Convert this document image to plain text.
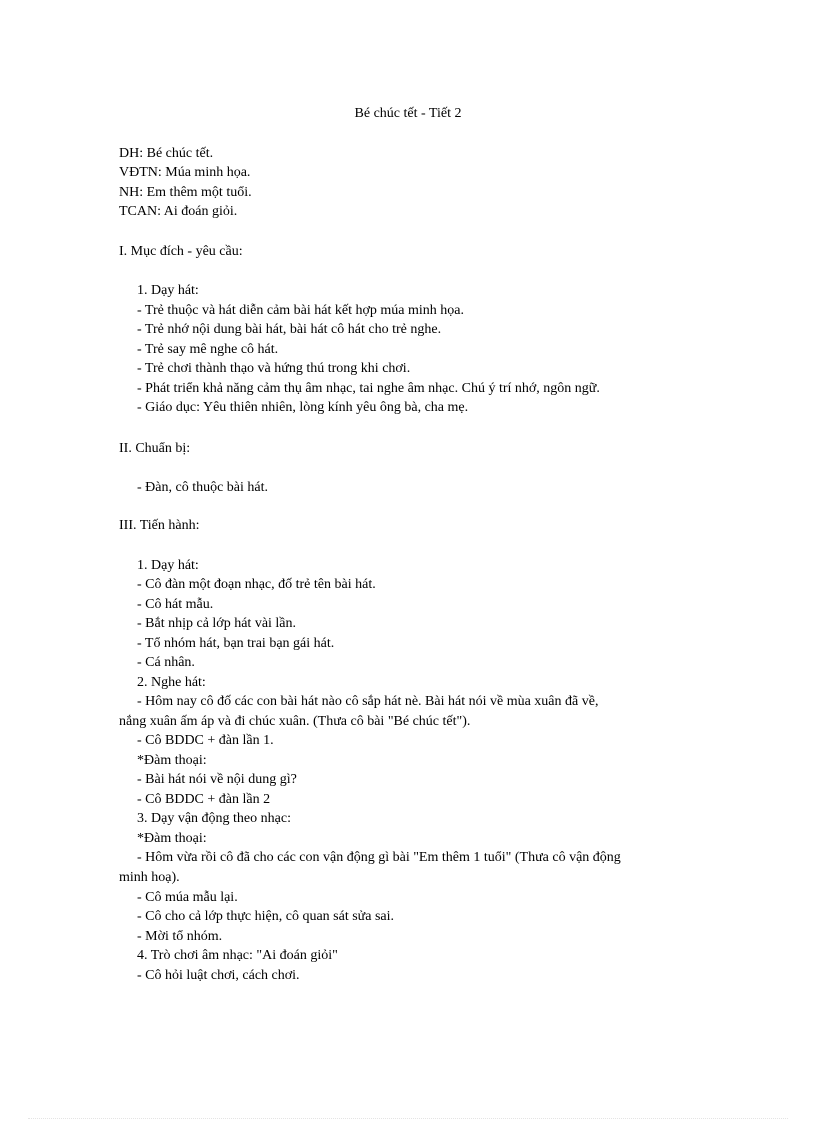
Bé chúc tết - Tiết 2
DH: Bé chúc tết.
VĐTN: Múa minh họa.
NH: Em thêm một tuổi.
TCAN: Ai đoán giỏi.
I. Mục đích - yêu cầu:
1. Dạy hát:
- Trẻ thuộc và hát diễn cảm bài hát kết hợp múa minh họa.
- Trẻ nhớ nội dung bài hát, bài hát cô hát cho trẻ nghe.
- Trẻ say mê nghe cô hát.
- Trẻ chơi thành thạo và hứng thú trong khi chơi.
- Phát triển khả năng cảm thụ âm nhạc, tai nghe âm nhạc. Chú ý trí nhớ, ngôn ngữ.
- Giáo dục: Yêu thiên nhiên, lòng kính yêu ông bà, cha mẹ.
II. Chuẩn bị:
- Đàn, cô thuộc bài hát.
III. Tiến hành:
1. Dạy hát:
- Cô đàn một đoạn nhạc, đố trẻ tên bài hát.
- Cô hát mẫu.
- Bắt nhịp cả lớp hát vài lần.
- Tổ nhóm hát, bạn trai bạn gái hát.
- Cá nhân.
2. Nghe hát:
- Hôm nay cô đố các con bài hát nào cô sắp hát nè. Bài hát nói về mùa xuân đã về,
nắng xuân ấm áp và đi chúc xuân. (Thưa cô bài "Bé chúc tết").
- Cô BDDC + đàn lần 1.
*Đàm thoại:
- Bài hát nói về nội dung gì?
- Cô BDDC + đàn lần 2
3. Dạy vận động theo nhạc:
*Đàm thoại:
- Hôm vừa rồi cô đã cho các con vận động gì bài "Em thêm 1 tuổi" (Thưa cô vận động
minh hoạ).
- Cô múa mẫu lại.
- Cô cho cả lớp thực hiện, cô quan sát sửa sai.
- Mời tổ nhóm.
4. Trò chơi âm nhạc: "Ai đoán giỏi"
- Cô hỏi luật chơi, cách chơi.
